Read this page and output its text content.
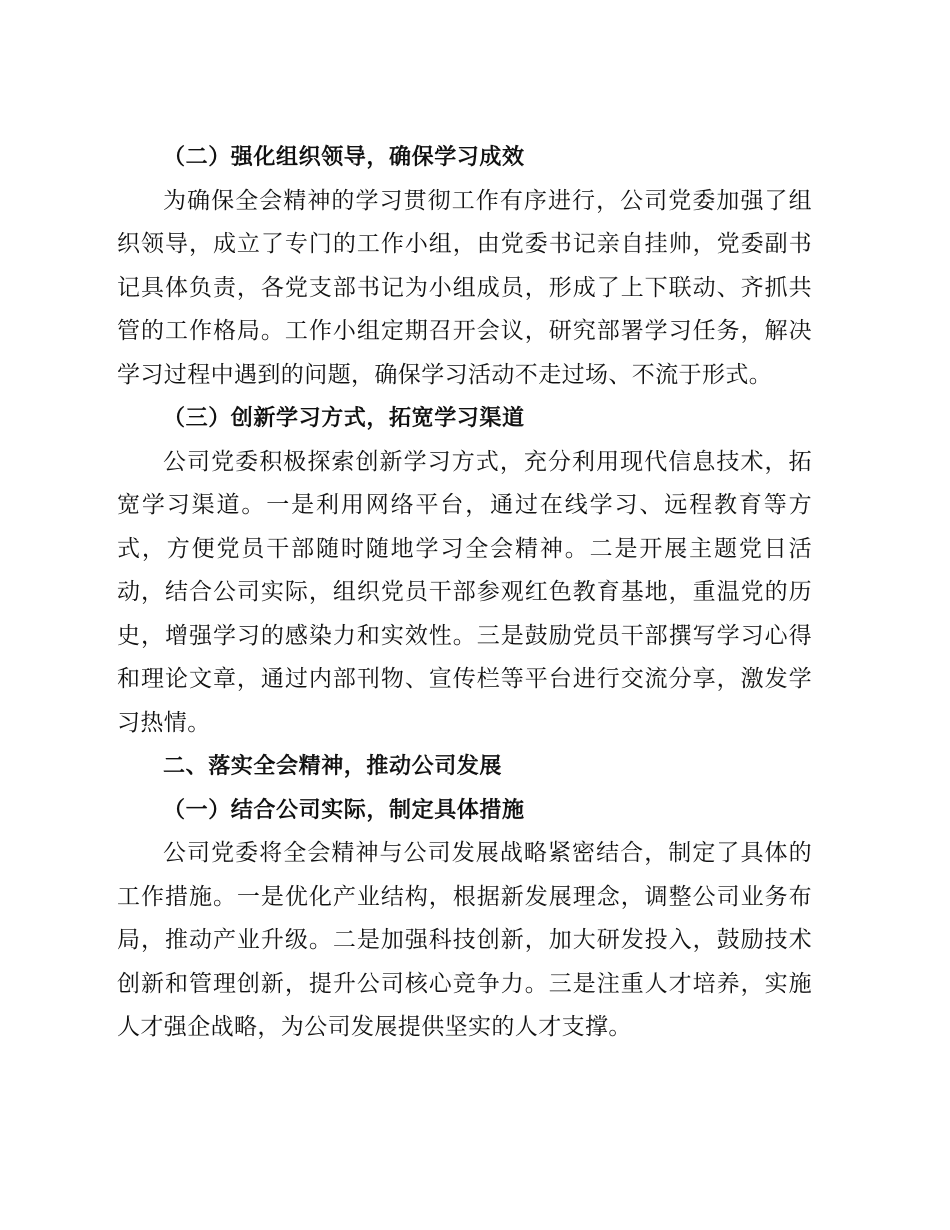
（二）强化组织领导，确保学习成效

为确保全会精神的学习贯彻工作有序进行，公司党委加强了组织领导，成立了专门的工作小组，由党委书记亲自挂帅，党委副书记具体负责，各党支部书记为小组成员，形成了上下联动、齐抓共管的工作格局。工作小组定期召开会议，研究部署学习任务，解决学习过程中遇到的问题，确保学习活动不走过场、不流于形式。

（三）创新学习方式，拓宽学习渠道

公司党委积极探索创新学习方式，充分利用现代信息技术，拓宽学习渠道。一是利用网络平台，通过在线学习、远程教育等方式，方便党员干部随时随地学习全会精神。二是开展主题党日活动，结合公司实际，组织党员干部参观红色教育基地，重温党的历史，增强学习的感染力和实效性。三是鼓励党员干部撰写学习心得和理论文章，通过内部刊物、宣传栏等平台进行交流分享，激发学习热情。

二、落实全会精神，推动公司发展

（一）结合公司实际，制定具体措施

公司党委将全会精神与公司发展战略紧密结合，制定了具体的工作措施。一是优化产业结构，根据新发展理念，调整公司业务布局，推动产业升级。二是加强科技创新，加大研发投入，鼓励技术创新和管理创新，提升公司核心竞争力。三是注重人才培养，实施人才强企战略，为公司发展提供坚实的人才支撑。
